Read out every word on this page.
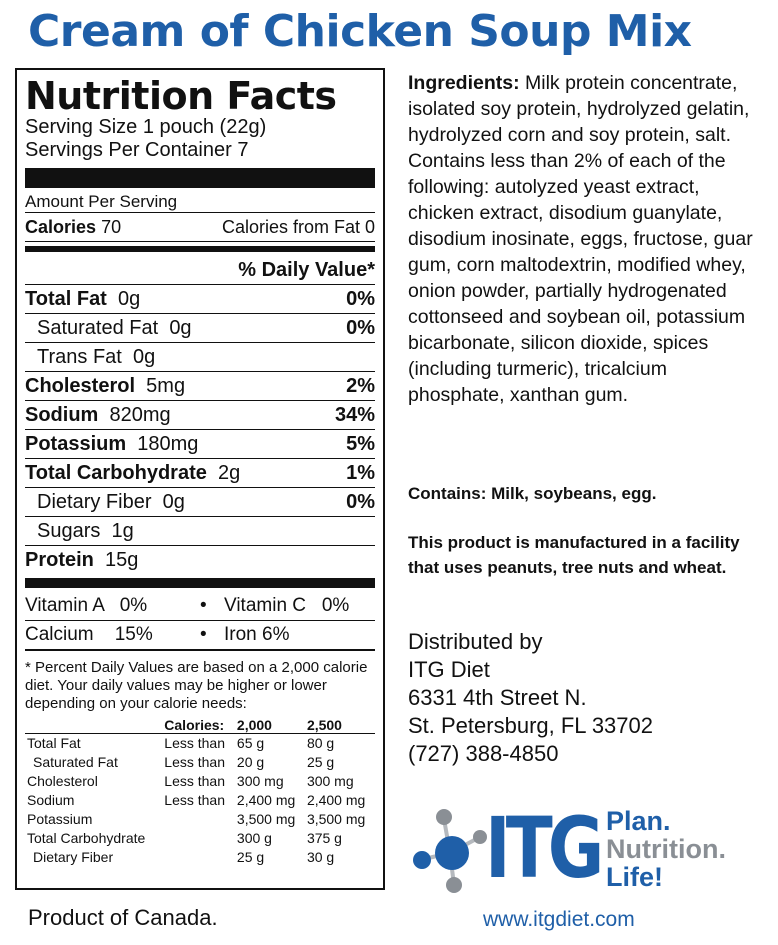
Cream of Chicken Soup Mix
Nutrition Facts
Serving Size 1 pouch (22g)
Servings Per Container 7
Amount Per Serving
Calories 70	Calories from Fat 0
% Daily Value*
Total Fat 0g	0%
Saturated Fat 0g	0%
Trans Fat 0g
Cholesterol 5mg	2%
Sodium 820mg	34%
Potassium 180mg	5%
Total Carbohydrate 2g	1%
Dietary Fiber 0g	0%
Sugars 1g
Protein 15g
Vitamin A   0%	• Vitamin C   0%
Calcium    15%	• Iron 6%
* Percent Daily Values are based on a 2,000 calorie diet. Your daily values may be higher or lower depending on your calorie needs:
	Calories:	2,000	2,500
Total Fat	Less than	65 g	80 g
Saturated Fat	Less than	20 g	25 g
Cholesterol	Less than	300 mg	300 mg
Sodium	Less than	2,400 mg	2,400 mg
Potassium		3,500 mg	3,500 mg
Total Carbohydrate		300 g	375 g
Dietary Fiber		25 g	30 g
Ingredients: Milk protein concentrate, isolated soy protein, hydrolyzed gelatin, hydrolyzed corn and soy protein, salt. Contains less than 2% of each of the following: autolyzed yeast extract, chicken extract, disodium guanylate, disodium inosinate, eggs, fructose, guar gum, corn maltodextrin, modified whey, onion powder, partially hydrogenated cottonseed and soybean oil, potassium bicarbonate, silicon dioxide, spices (including turmeric), tricalcium phosphate, xanthan gum.
Contains: Milk, soybeans, egg.
This product is manufactured in a facility that uses peanuts, tree nuts and wheat.
Distributed by
ITG Diet
6331 4th Street N.
St. Petersburg, FL 33702
(727) 388-4850
ITG Plan.
Nutrition.
Life!
Product of Canada.	www.itgdiet.com
